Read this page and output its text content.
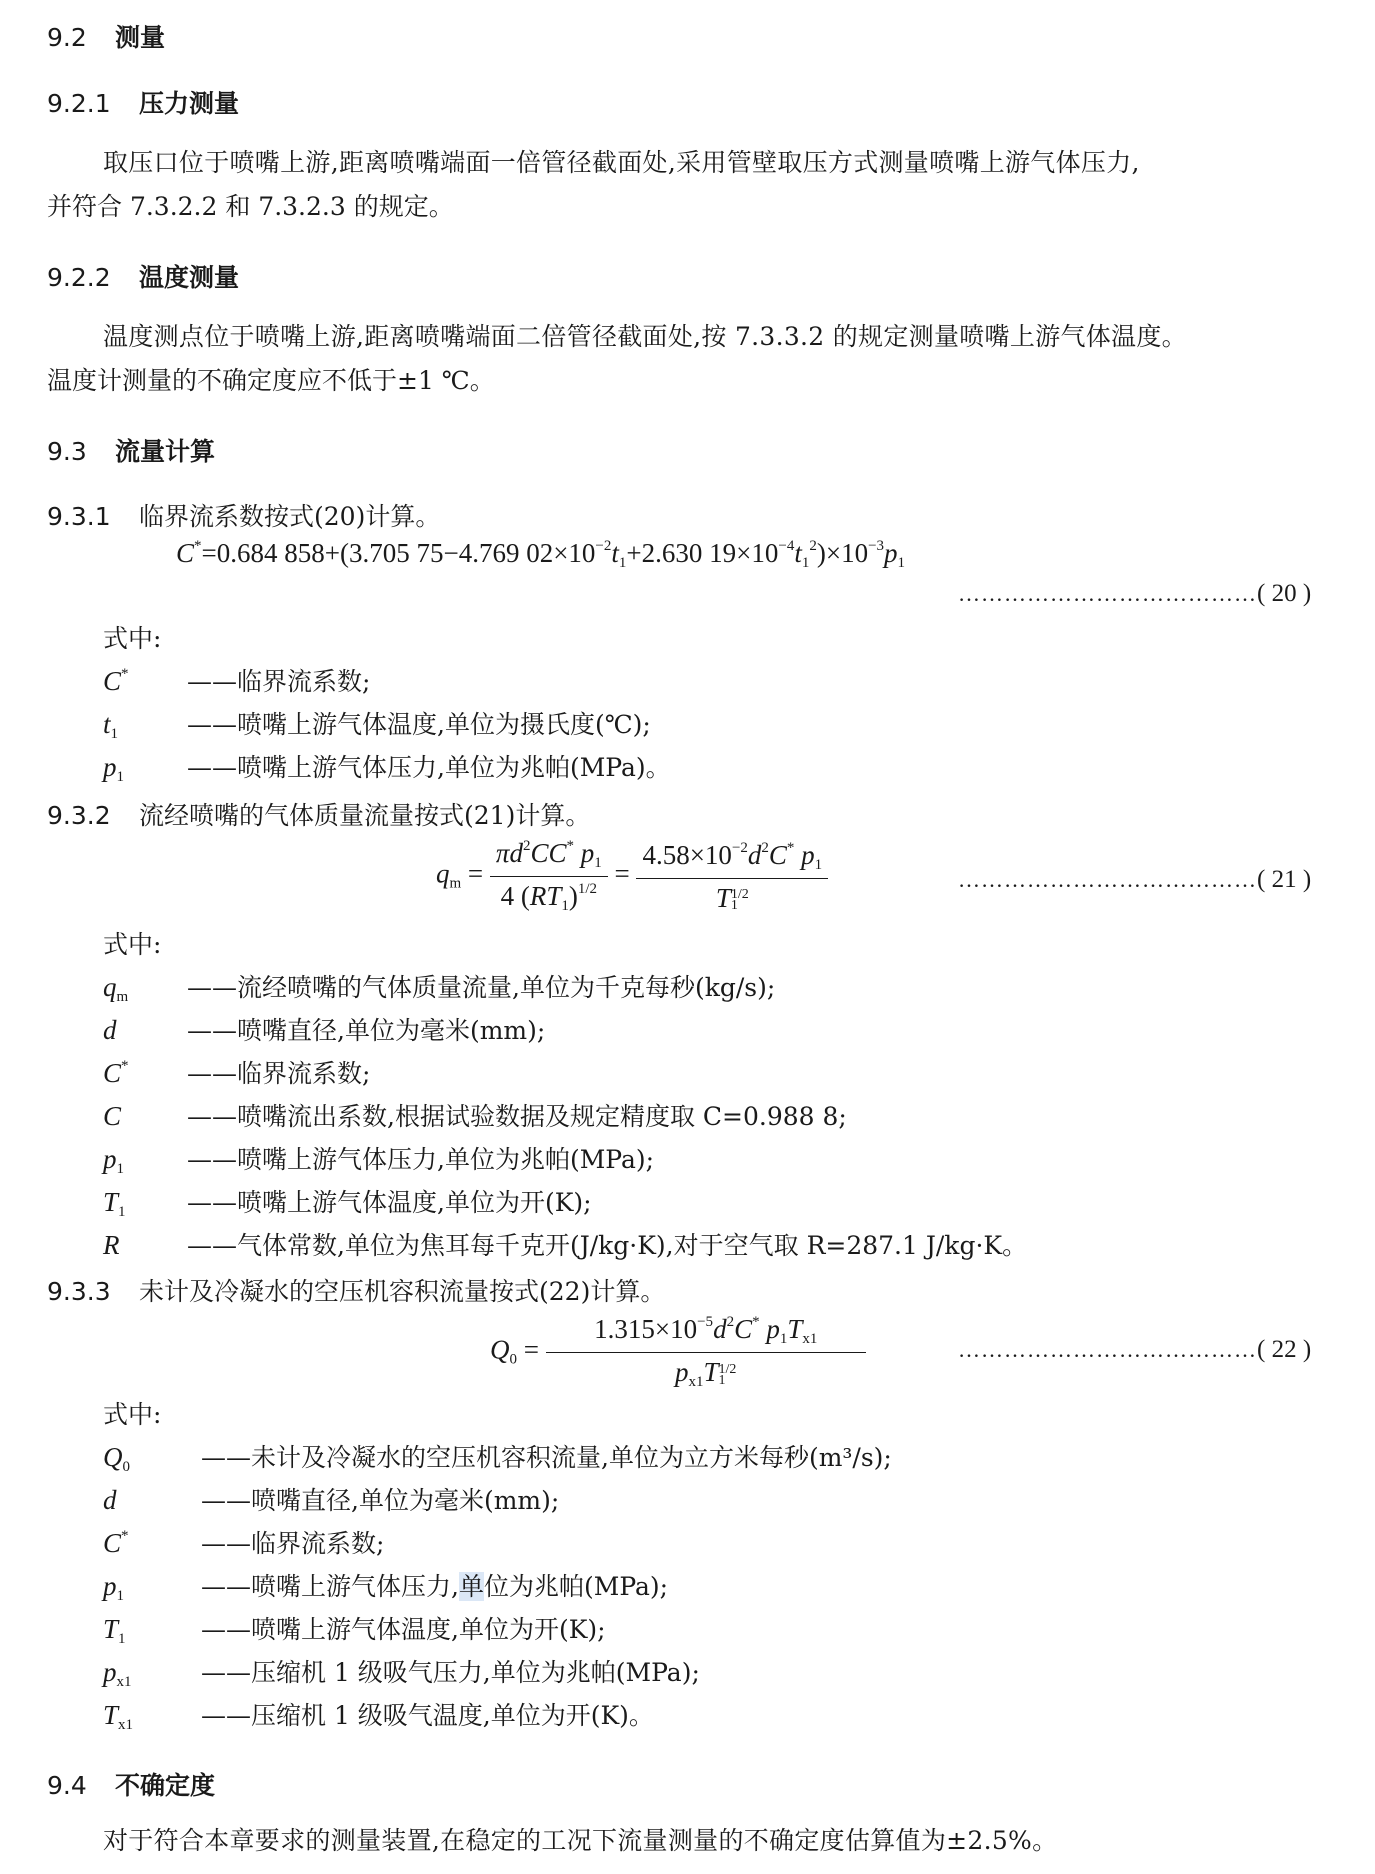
9.2 测量
9.2.1 压力测量
取压口位于喷嘴上游,距离喷嘴端面一倍管径截面处,采用管壁取压方式测量喷嘴上游气体压力,
并符合 7.3.2.2 和 7.3.2.3 的规定。
9.2.2 温度测量
温度测点位于喷嘴上游,距离喷嘴端面二倍管径截面处,按 7.3.3.2 的规定测量喷嘴上游气体温度。
温度计测量的不确定度应不低于±1 ℃。
9.3 流量计算
9.3.1 临界流系数按式(20)计算。
C*=0.684 858+(3.705 75−4.769 $02\times 10^{-2}t_1+2.630$ $19\times 10^{-4}t_1^2)\times 10^{-3}p_1$
…………………………………( 20 )
式中:
C* ——临界流系数;
$t_1$	——喷嘴上游气体温度,单位为摄氏度(℃);
$p_1$	——喷嘴上游气体压力,单位为兆帕(MPa)。
9.3.2 流经喷嘴的气体质量流量按式(21)计算。
$q_m = \frac{\pi d^2CC^* p_1}{4 (RT_1)^{1/2}} = 4.58\times 10^{-2}d^2C^*$ $p_1$
T 1/2
1	…………………………………( 21 )
式中:
$q_m$ ——流经喷嘴的气体质量流量,单位为千克每秒(kg/s);
d	——喷嘴直径,单位为毫米(mm);
C* ——临界流系数;
C	——喷嘴流出系数,根据试验数据及规定精度取 C=0.988 8;
$p_1$	——喷嘴上游气体压力,单位为兆帕(MPa);
$T_1$ ——喷嘴上游气体温度,单位为开(K);
R	——气体常数,单位为焦耳每千克开(J/kg·K),对于空气取 R=287.1 J/kg·K。
9.3.3 未计及冷凝水的空压机容积流量按式(22)计算。
$Q_0 = 1.315\times 10^{-5}d^2C^*$ $p_1T_{x1}$
$p_{x1}T$ 1/2
1	…………………………………( 22 )
式中:
$Q_0$	——未计及冷凝水的空压机容积流量,单位为立方米每秒(m³/s);
d	——喷嘴直径,单位为毫米(mm);
C*	——临界流系数;
$p_1$	——喷嘴上游气体压力,单位为兆帕(MPa);
$T_1$	——喷嘴上游气体温度,单位为开(K);
$p_{x1}$	——压缩机 1 级吸气压力,单位为兆帕(MPa);
$T_{x1}$	——压缩机 1 级吸气温度,单位为开(K)。
9.4 不确定度
对于符合本章要求的测量装置,在稳定的工况下流量测量的不确定度估算值为±2.5%。
